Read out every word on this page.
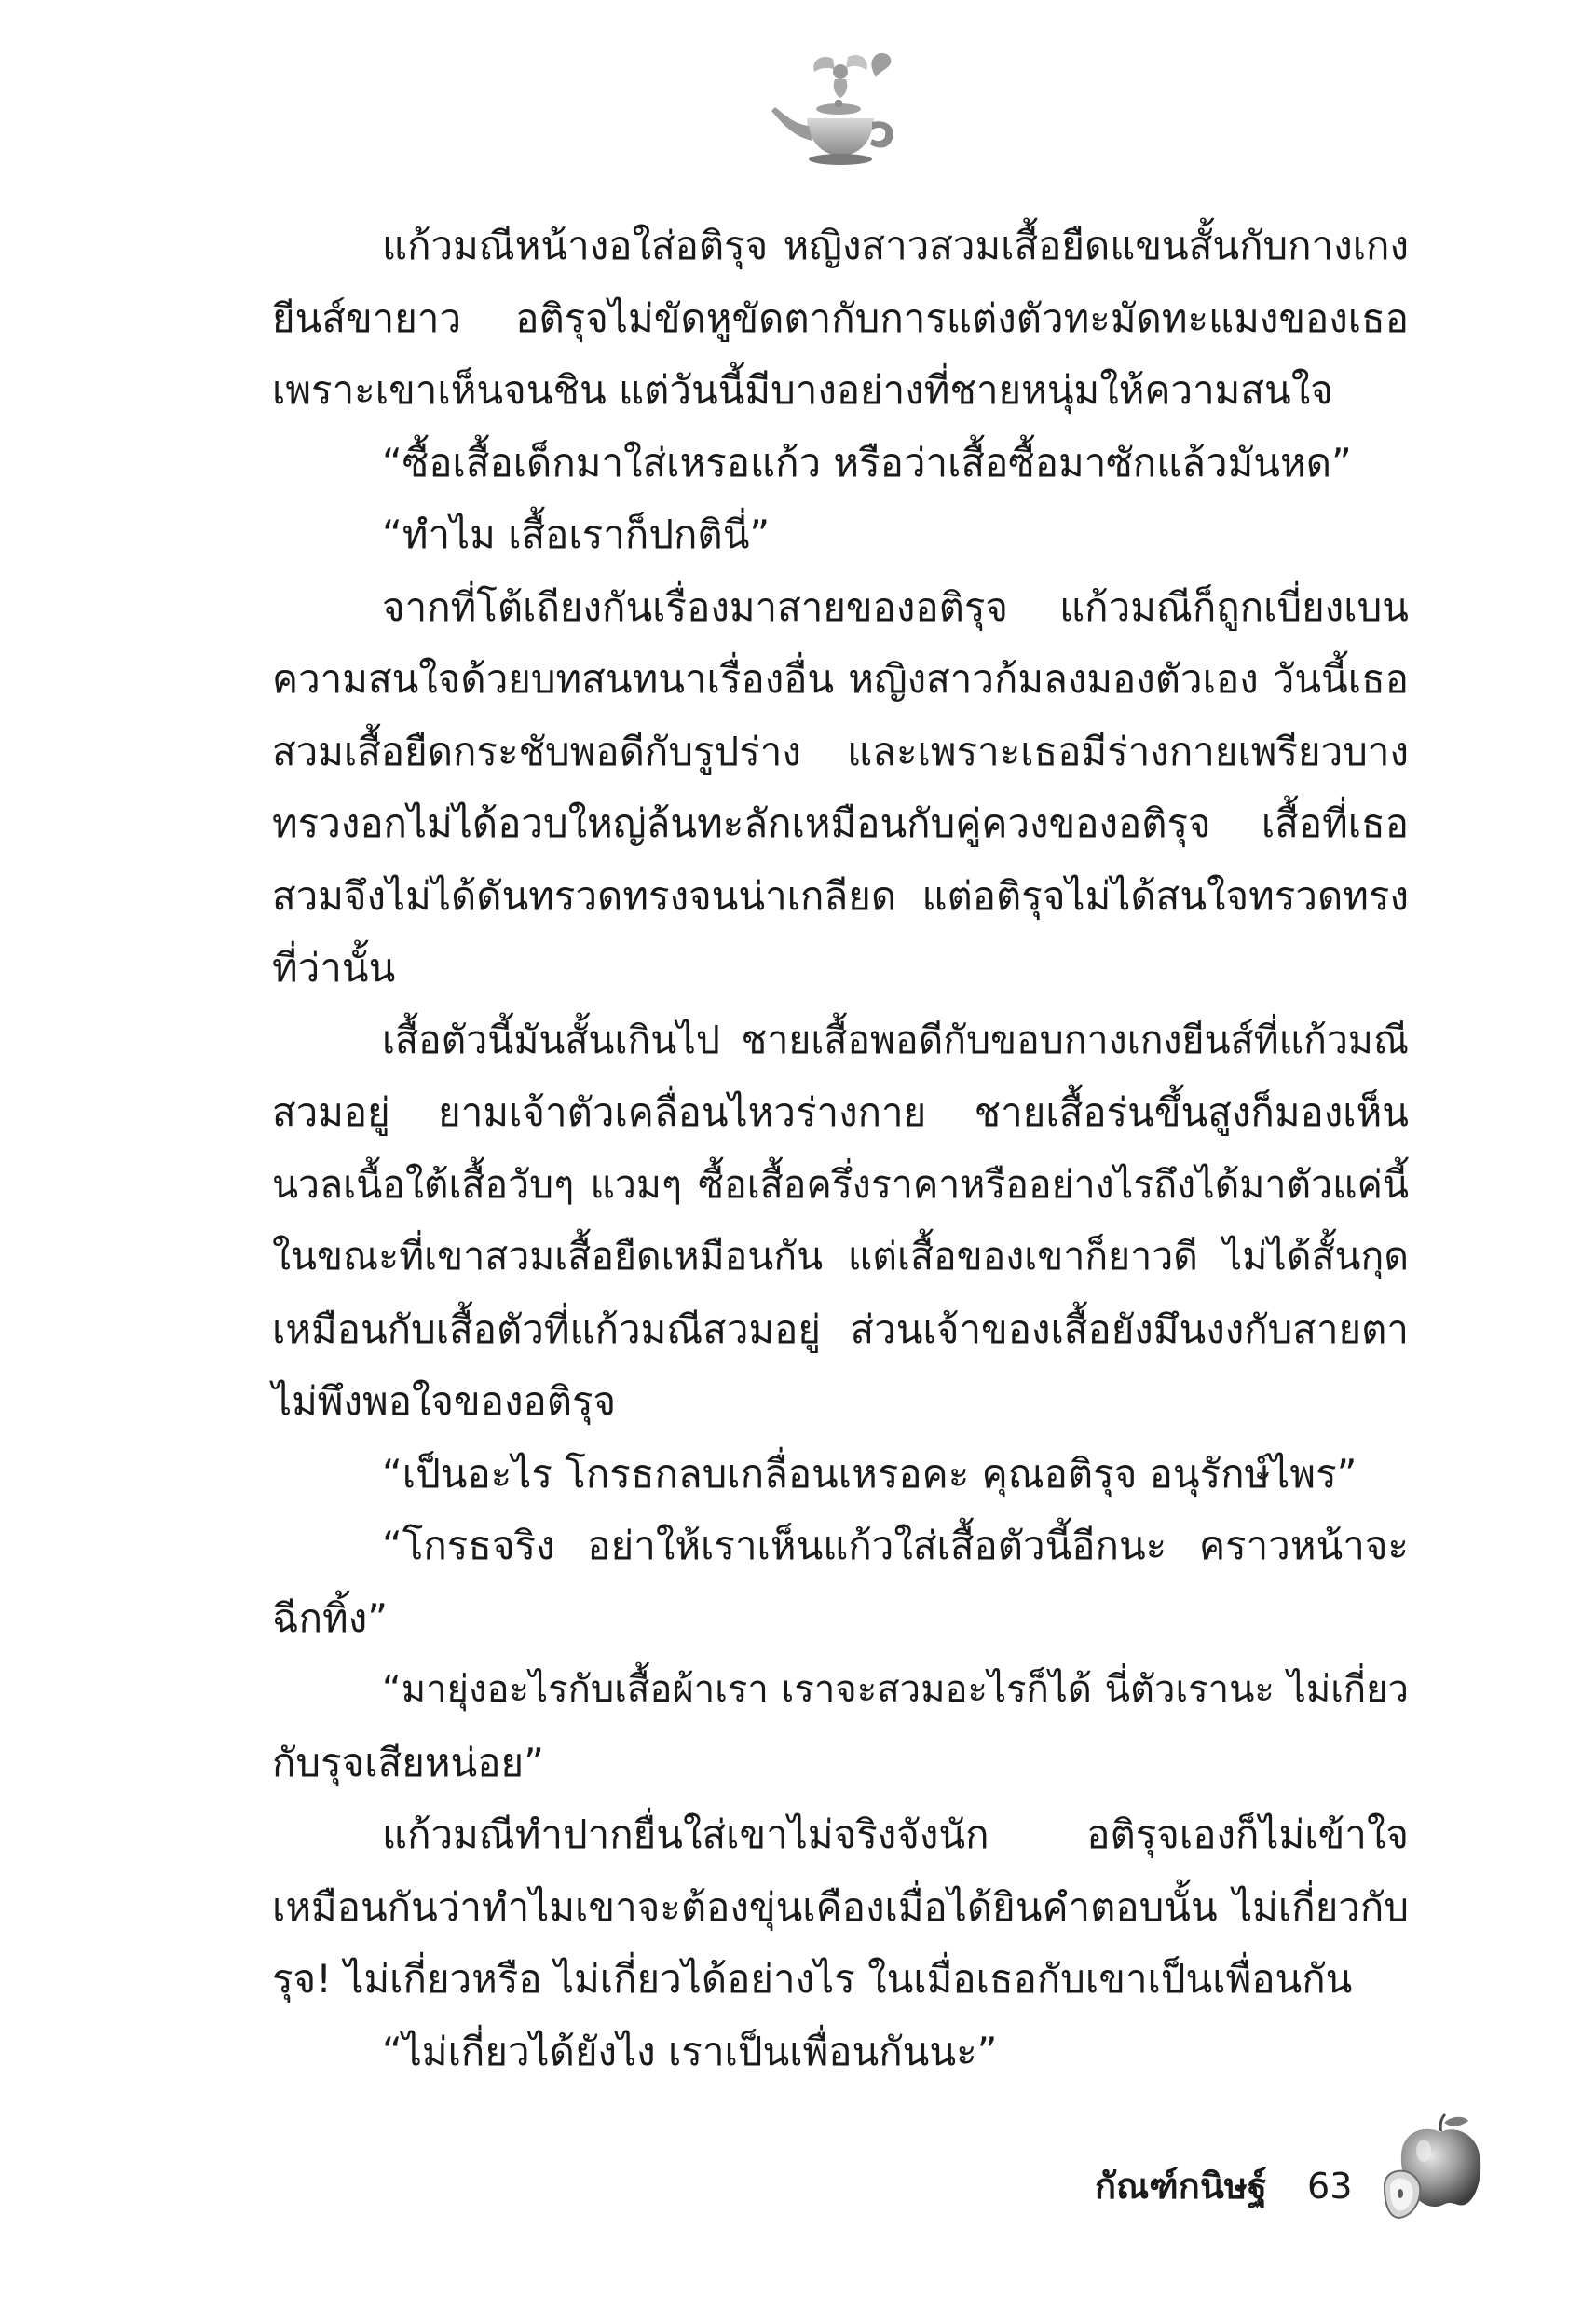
แก้วมณีหน้างอใส่อติรุจ หญิงสาวสวมเสื้อยืดแขนสั้นกับกางเกง
ยีนส์ขายาว อติรุจไม่ขัดหูขัดตากับการแต่งตัวทะมัดทะแมงของเธอ
เพราะเขาเห็นจนชิน แต่วันนี้มีบางอย่างที่ชายหนุ่มให้ความสนใจ
“ซื้อเสื้อเด็กมาใส่เหรอแก้ว หรือว่าเสื้อซื้อมาซักแล้วมันหด”
“ทำไม เสื้อเราก็ปกตินี่”
จากที่โต้เถียงกันเรื่องมาสายของอติรุจ แก้วมณีก็ถูกเบี่ยงเบน
ความสนใจด้วยบทสนทนาเรื่องอื่น หญิงสาวก้มลงมองตัวเอง วันนี้เธอ
สวมเสื้อยืดกระชับพอดีกับรูปร่าง และเพราะเธอมีร่างกายเพรียวบาง
ทรวงอกไม่ได้อวบใหญ่ล้นทะลักเหมือนกับคู่ควงของอติรุจ เสื้อที่เธอ
สวมจึงไม่ได้ดันทรวดทรงจนน่าเกลียด แต่อติรุจไม่ได้สนใจทรวดทรง
ที่ว่านั้น
เสื้อตัวนี้มันสั้นเกินไป ชายเสื้อพอดีกับขอบกางเกงยีนส์ที่แก้วมณี
สวมอยู่ ยามเจ้าตัวเคลื่อนไหวร่างกาย ชายเสื้อร่นขึ้นสูงก็มองเห็น
นวลเนื้อใต้เสื้อวับๆ แวมๆ ซื้อเสื้อครึ่งราคาหรืออย่างไรถึงได้มาตัวแค่นี้
ในขณะที่เขาสวมเสื้อยืดเหมือนกัน แต่เสื้อของเขาก็ยาวดี ไม่ได้สั้นกุด
เหมือนกับเสื้อตัวที่แก้วมณีสวมอยู่ ส่วนเจ้าของเสื้อยังมึนงงกับสายตา
ไม่พึงพอใจของอติรุจ
“เป็นอะไร โกรธกลบเกลื่อนเหรอคะ คุณอติรุจ อนุรักษ์ไพร”
“โกรธจริง อย่าให้เราเห็นแก้วใส่เสื้อตัวนี้อีกนะ คราวหน้าจะ
ฉีกทิ้ง”
“มายุ่งอะไรกับเสื้อผ้าเรา เราจะสวมอะไรก็ได้ นี่ตัวเรานะ ไม่เกี่ยว
กับรุจเสียหน่อย”
แก้วมณีทำปากยื่นใส่เขาไม่จริงจังนัก อติรุจเองก็ไม่เข้าใจ
เหมือนกันว่าทำไมเขาจะต้องขุ่นเคืองเมื่อได้ยินคำตอบนั้น ไม่เกี่ยวกับ
รุจ! ไม่เกี่ยวหรือ ไม่เกี่ยวได้อย่างไร ในเมื่อเธอกับเขาเป็นเพื่อนกัน
“ไม่เกี่ยวได้ยังไง เราเป็นเพื่อนกันนะ”
กัณฑ์กนิษฐ์ 63
